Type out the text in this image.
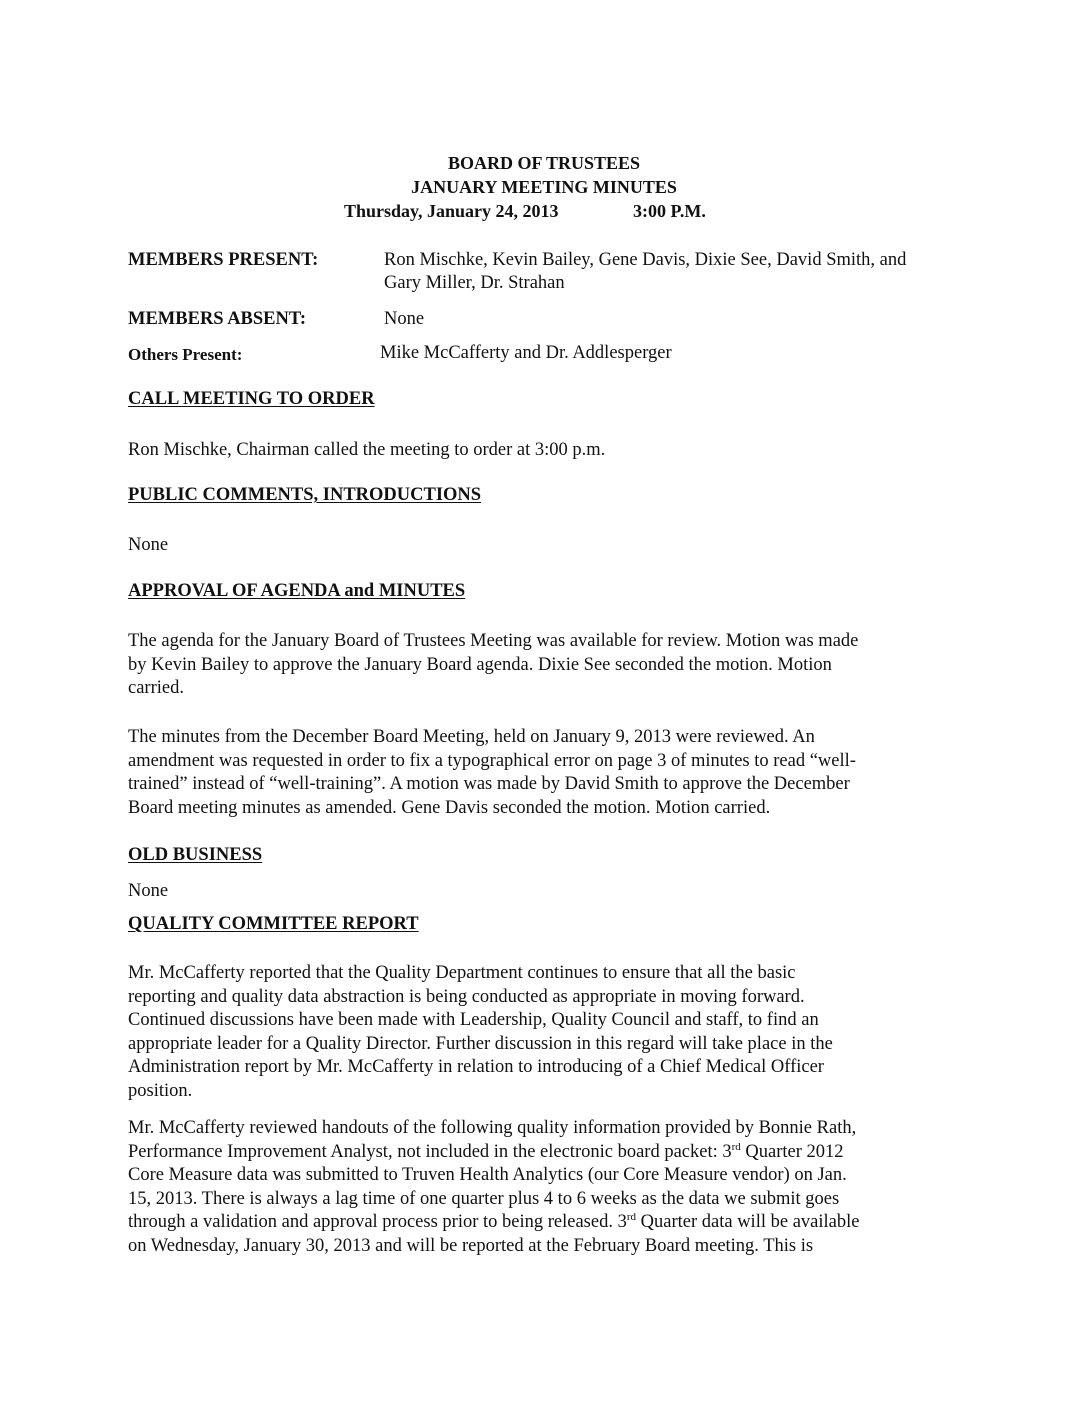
BOARD OF TRUSTEES
JANUARY MEETING MINUTES
Thursday, January 24, 2013	3:00 P.M.
MEMBERS PRESENT:	Ron Mischke, Kevin Bailey, Gene Davis, Dixie See, David Smith, and
Gary Miller, Dr. Strahan
MEMBERS ABSENT:	None
Others Present:	Mike McCafferty and Dr. Addlesperger
CALL MEETING TO ORDER
Ron Mischke, Chairman called the meeting to order at 3:00 p.m.
PUBLIC COMMENTS, INTRODUCTIONS
None
APPROVAL OF AGENDA and MINUTES
The agenda for the January Board of Trustees Meeting was available for review. Motion was made
by Kevin Bailey to approve the January Board agenda. Dixie See seconded the motion. Motion
carried.
The minutes from the December Board Meeting, held on January 9, 2013 were reviewed. An
amendment was requested in order to fix a typographical error on page 3 of minutes to read “well-
trained” instead of “well-training”. A motion was made by David Smith to approve the December
Board meeting minutes as amended. Gene Davis seconded the motion. Motion carried.
OLD BUSINESS
None
QUALITY COMMITTEE REPORT
Mr. McCafferty reported that the Quality Department continues to ensure that all the basic
reporting and quality data abstraction is being conducted as appropriate in moving forward.
Continued discussions have been made with Leadership, Quality Council and staff, to find an
appropriate leader for a Quality Director. Further discussion in this regard will take place in the
Administration report by Mr. McCafferty in relation to introducing of a Chief Medical Officer
position.
Mr. McCafferty reviewed handouts of the following quality information provided by Bonnie Rath,
Performance Improvement Analyst, not included in the electronic board packet: 3rd Quarter 2012
Core Measure data was submitted to Truven Health Analytics (our Core Measure vendor) on Jan.
15, 2013. There is always a lag time of one quarter plus 4 to 6 weeks as the data we submit goes
through a validation and approval process prior to being released. 3rd Quarter data will be available
on Wednesday, January 30, 2013 and will be reported at the February Board meeting. This is
